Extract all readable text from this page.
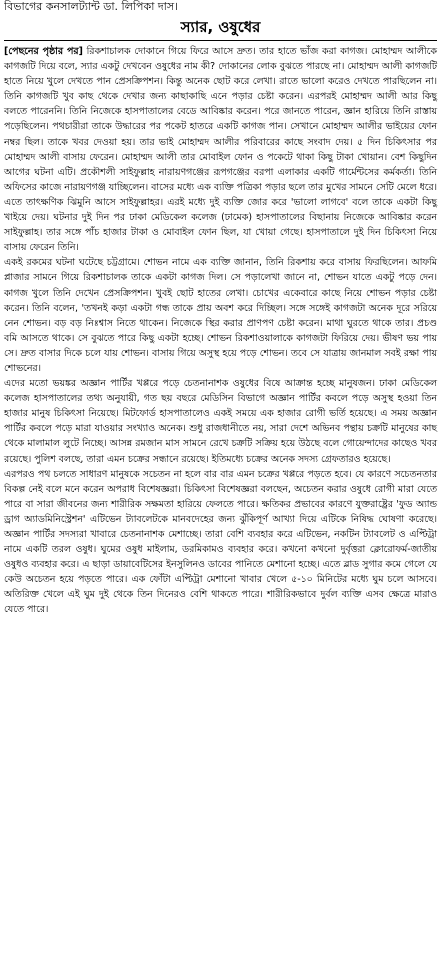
বিভাগের কনসালট্যান্ট ডা. লিপিকা দাস।
স্যার, ওষুধের

[পেছনের পৃষ্ঠার পর] রিকশাচালক দোকানে গিয়ে ফিরে আসে দ্রুত। তার হাতে ভাঁজ করা কাগজ। মোহাম্মদ আলীকে কাগজটি দিয়ে বলে, স্যার একটু দেখবেন ওষুধের নাম কী? দোকানের লোক বুঝতে পারছে না। মোহাম্মদ আলী কাগজটি হাতে নিয়ে খুলে দেখতে পান প্রেসক্রিপশন। কিন্তু অনেক ছোট করে লেখা। রাতে ভালো করেও দেখতে পারছিলেন না। তিনি কাগজটি খুব কাছ থেকে দেখার জন্য কাছাকাছি এনে পড়ার চেষ্টা করেন। এরপরই মোহাম্মদ আলী আর কিছু বলতে পারেননি। তিনি নিজেকে হাসপাতালের বেডে আবিষ্কার করেন। পরে জানতে পারেন, জ্ঞান হারিয়ে তিনি রাস্তায় পড়েছিলেন। পথচারীরা তাকে উদ্ধারের পর পকেট হাতরে একটি কাগজ পান। সেখানে মোহাম্মদ আলীর ভাইয়ের ফোন নম্বর ছিল। তাকে খবর দেওয়া হয়। তার ভাই মোহাম্মদ আলীর পরিবারের কাছে সংবাদ দেয়। ৫ দিন চিকিৎসার পর মোহাম্মদ আলী বাসায় ফেরেন। মোহাম্মদ আলী তার মোবাইল ফোন ও পকেটে থাকা কিছু টাকা খোয়ান। বেশ কিছুদিন আগের ঘটনা এটি। প্রকৌশলী সাইফুল্লাহ নারায়ণগঞ্জের রূপগঞ্জের বরপা এলাকার একটি গার্মেন্টসের কর্মকর্তা। তিনি অফিসের কাজে নারায়ণগঞ্জ যাচ্ছিলেন। বাসের মধ্যে এক ব্যক্তি পত্রিকা পড়ার ছলে তার মুখের সামনে সেটি মেলে ধরে। এতে তাৎক্ষণিক ঝিমুনি আসে সাইফুল্লাহর। এরই মধ্যে দুই ব্যক্তি জোর করে 'ভালো লাগবে' বলে তাকে একটা কিছু খাইয়ে দেয়। ঘটনার দুই দিন পর ঢাকা মেডিকেল কলেজ (ঢামেক) হাসপাতালের বিছানায় নিজেকে আবিষ্কার করেন সাইফুল্লাহ। তার সঙ্গে পাঁচ হাজার টাকা ও মোবাইল ফোন ছিল, যা খোয়া গেছে। হাসপাতালে দুই দিন চিকিৎসা নিয়ে বাসায় ফেরেন তিনি।

একই রকমের ঘটনা ঘটেছে চট্টগ্রামে। শোভন নামে এক ব্যক্তি জানান, তিনি রিকশায় করে বাসায় ফিরছিলেন। আফমি প্লাজার সামনে গিয়ে রিকশাচালক তাকে একটা কাগজ দিল। সে পড়ালেখা জানে না, শোভন যাতে একটু পড়ে দেন। কাগজ খুলে তিনি দেখেন প্রেসক্রিপশন। খুবই ছোট হাতের লেখা। চোখের একেবারে কাছে নিয়ে শোভন পড়ার চেষ্টা করেন। তিনি বলেন, 'তখনই কড়া একটা গন্ধ তাকে প্রায় অবশ করে দিচ্ছিল। সঙ্গে সঙ্গেই কাগজটা অনেক দূরে সরিয়ে নেন শোভন। বড় বড় নিঃশ্বাস নিতে থাকেন। নিজেকে স্থির করার প্রাণপণ চেষ্টা করেন। মাথা ঘুরতে থাকে তার। প্রচণ্ড বমি আসতে থাকে। সে বুঝতে পারে কিছু একটা হচ্ছে। শোভন রিকশাওয়ালাকে কাগজটা ফিরিয়ে দেয়। ভীষণ ভয় পায় সে। দ্রুত বাসার দিকে চলে যায় শোভন। বাসায় গিয়ে অসুস্থ হয়ে পড়ে শোভন। তবে সে যাত্রায় জানমাল সবই রক্ষা পায় শোভনের।

এদের মতো ভয়ঙ্কর অজ্ঞান পার্টির খপ্পরে পড়ে চেতনানাশক ওষুধের বিষে আক্রান্ত হচ্ছে মানুষজন। ঢাকা মেডিকেল কলেজ হাসপাতালের তথ্য অনুযায়ী, গত ছয় বছরে মেডিসিন বিভাগে অজ্ঞান পার্টির কবলে পড়ে অসুস্থ হওয়া তিন হাজার মানুষ চিকিৎসা নিয়েছে। মিটফোর্ড হাসপাতালেও একই সময়ে এক হাজার রোগী ভর্তি হয়েছে। এ সময় অজ্ঞান পার্টির কবলে পড়ে মারা যাওয়ার সংখ্যাও অনেক। শুধু রাজধানীতে নয়, সারা দেশে অভিনব পন্থায় চক্রটি মানুষের কাছ থেকে মালামাল লুটে নিচ্ছে। আসন্ন রমজান মাস সামনে রেখে চক্রটি সক্রিয় হয়ে উঠছে বলে গোয়েন্দাদের কাছেও খবর রয়েছে। পুলিশ বলছে, তারা এমন চক্রের সন্ধানে রয়েছে। ইতিমধ্যে চক্রের অনেক সদস্য গ্রেফতারও হয়েছে।

এরপরও পথ চলতে সাধারণ মানুষকে সচেতন না হলে বার বার এমন চক্রের খপ্পরে পড়তে হবে। যে কারণে সচেতনতার বিকল্প নেই বলে মনে করেন অপরাধ বিশেষজ্ঞরা। চিকিৎসা বিশেষজ্ঞরা বলছেন, অচেতন করার ওষুধে রোগী মারা যেতে পারে বা সারা জীবনের জন্য শারীরিক সক্ষমতা হারিয়ে ফেলতে পারে। ক্ষতিকর প্রভাবের কারণে যুক্তরাষ্ট্রের 'ফুড অ্যান্ড ড্রাগ অ্যাডমিনিস্ট্রেশন' এটিভেন ট্যাবলেটকে মানবদেহের জন্য ঝুঁকিপূর্ণ আখ্যা দিয়ে এটিকে নিষিদ্ধ ঘোষণা করেছে। অজ্ঞান পার্টির সদস্যরা খাবারে চেতনানাশক মেশাচ্ছে। তারা বেশি ব্যবহার করে এটিভেন, নকটিন ট্যাবলেট ও এপ্টিট্রা নামে একটি তরল ওষুধ। ঘুমের ওষুধ মাইলাম, ডরমিকামও ব্যবহার করে। কখনো কখনো দুর্বৃত্তরা ক্লোরোফর্ম-জাতীয় ওষুধও ব্যবহার করে। এ ছাড়া ডায়াবেটিসের ইনসুলিনও ডাবের পানিতে মেশানো হচ্ছে। এতে ব্লাড সুগার কমে গেলে যে কেউ অচেতন হয়ে পড়তে পারে। এক ফোঁটা এপ্টিট্রা মেশানো খাবার খেলে ৫-১০ মিনিটের মধ্যে ঘুম চলে আসবে। অতিরিক্ত খেলে এই ঘুম দুই থেকে তিন দিনেরও বেশি থাকতে পারে। শারীরিকভাবে দুর্বল ব্যক্তি এসব ক্ষেত্রে মারাও যেতে পারে।
